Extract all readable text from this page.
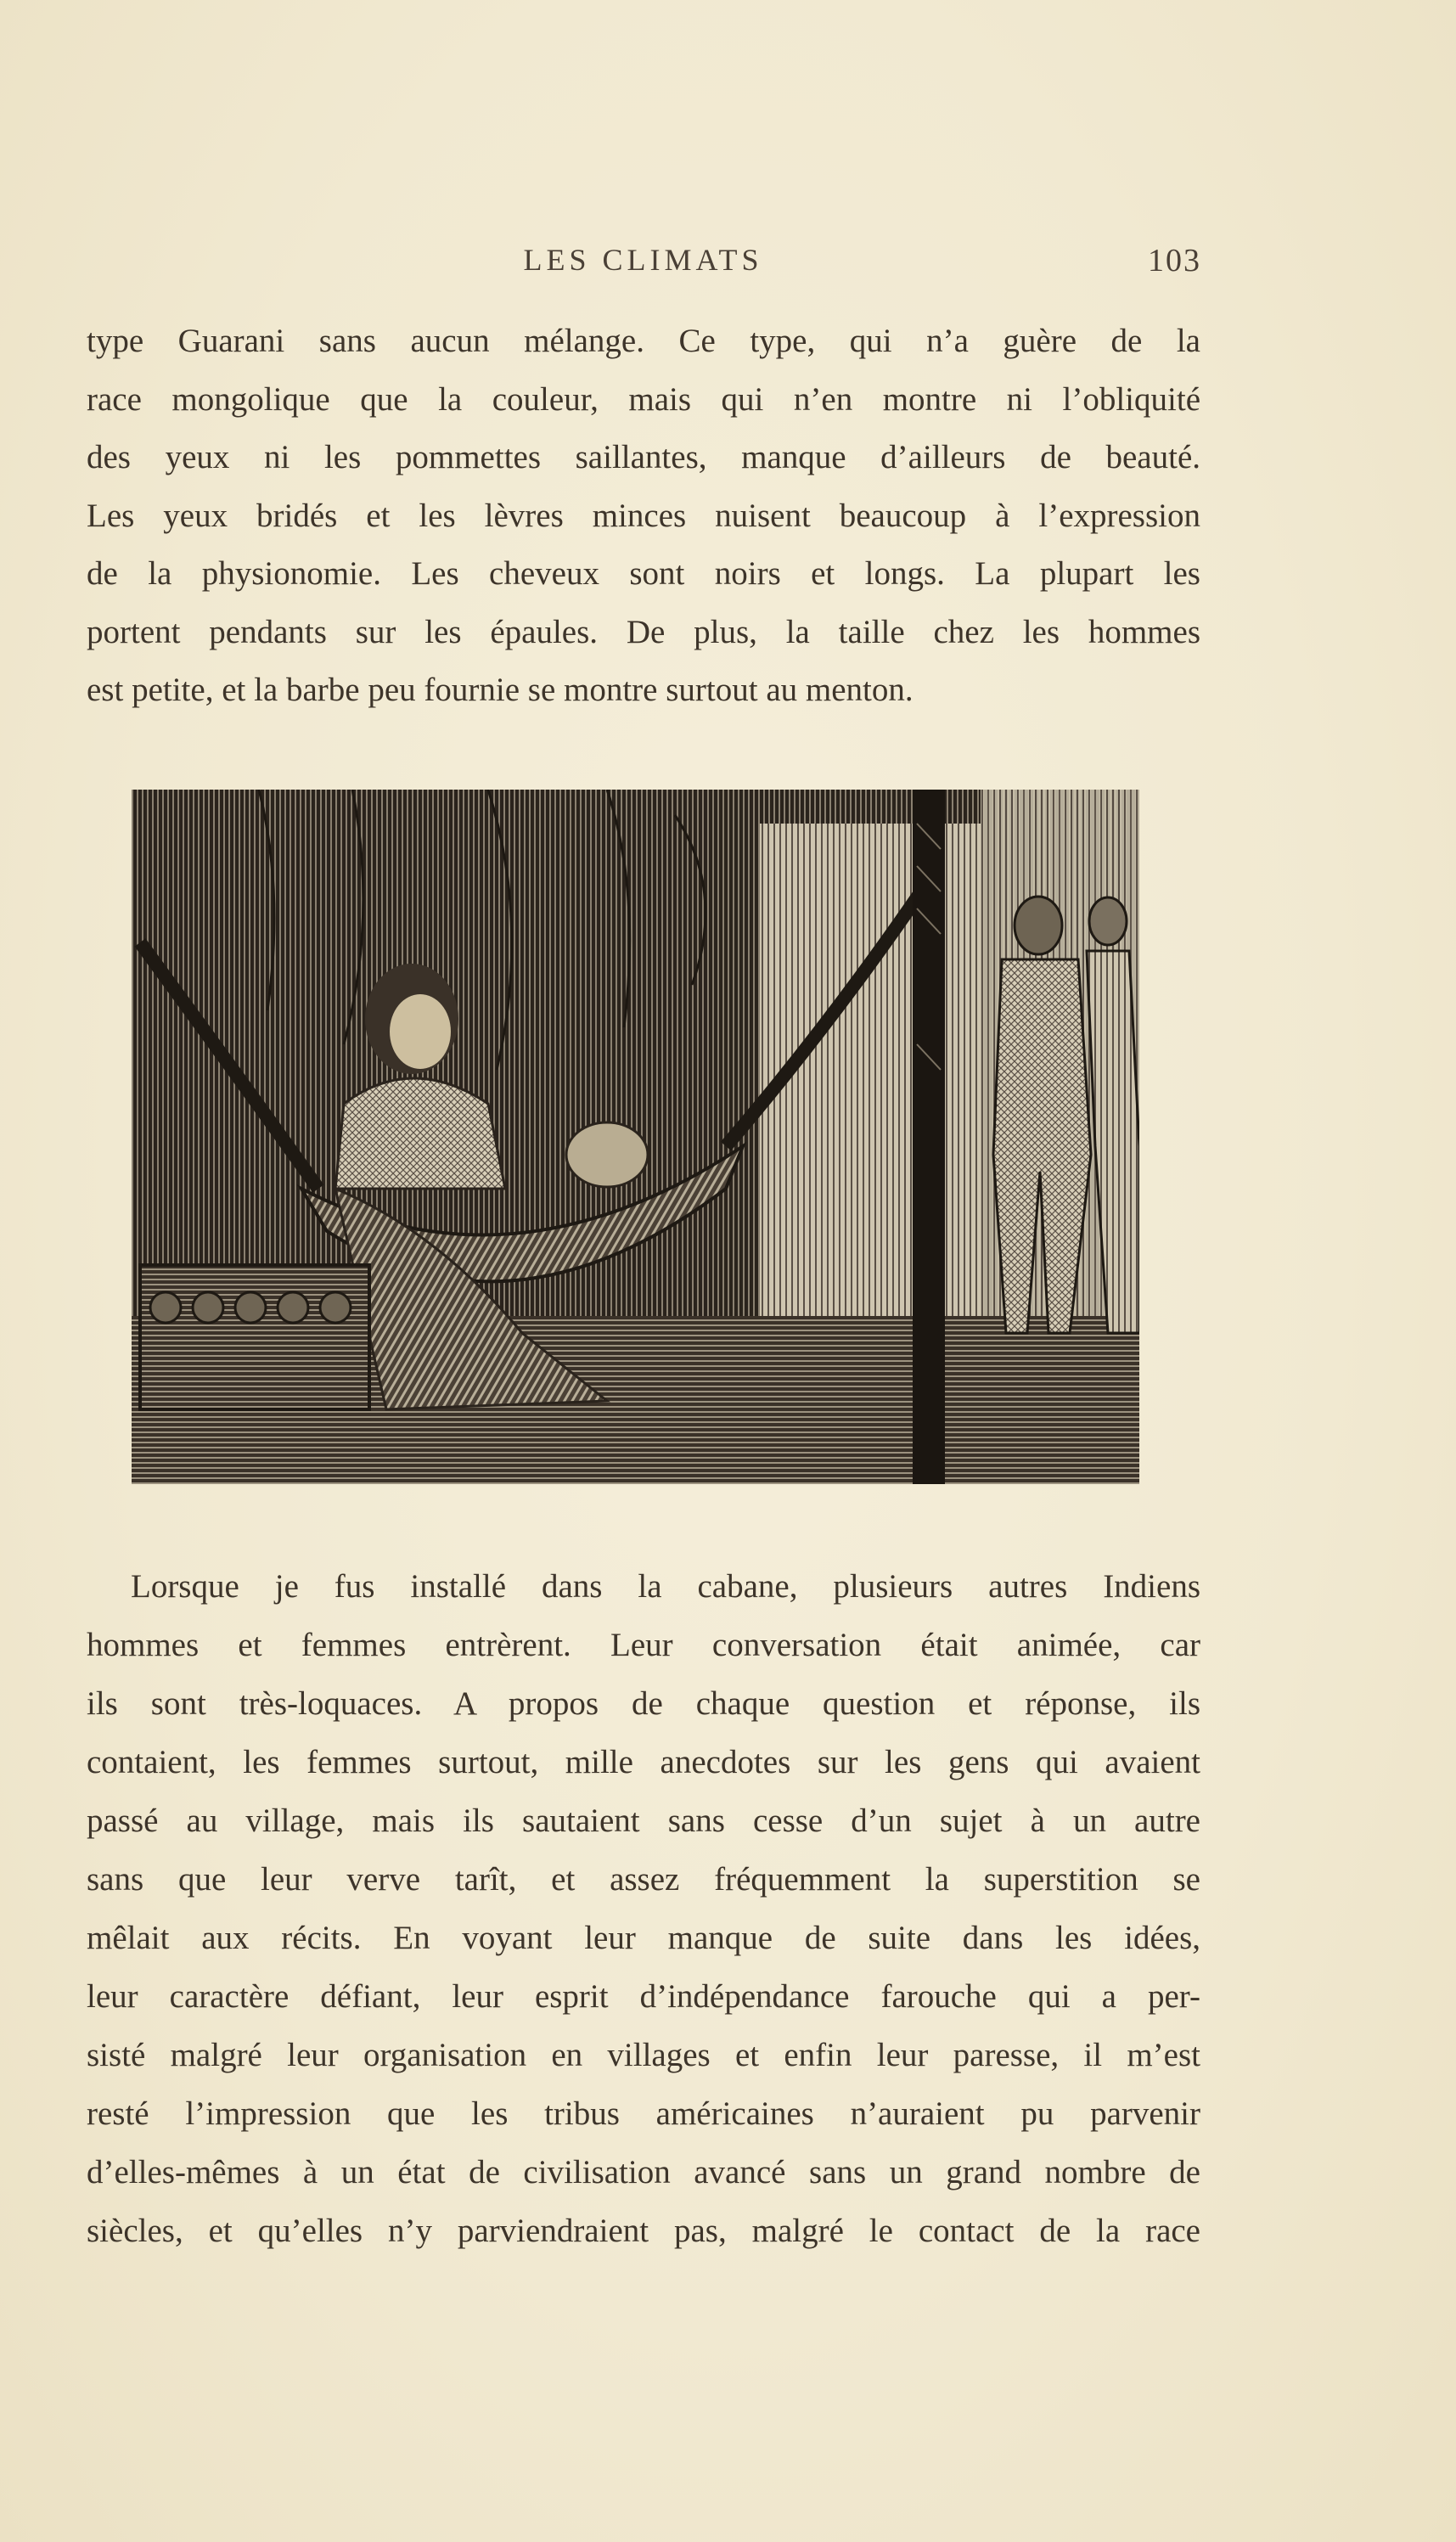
LES CLIMATS	103
type Guarani sans aucun mélange. Ce type, qui n’a guère de la
race mongolique que la couleur, mais qui n’en montre ni l’obliquité
des yeux ni les pommettes saillantes, manque d’ailleurs de beauté.
Les yeux bridés et les lèvres minces nuisent beaucoup à l’expression
de la physionomie. Les cheveux sont noirs et longs. La plupart les
portent pendants sur les épaules. De plus, la taille chez les hommes
est petite, et la barbe peu fournie se montre surtout au menton.
Lorsque je fus installé dans la cabane, plusieurs autres Indiens
hommes et femmes entrèrent. Leur conversation était animée, car
ils sont très-loquaces. A propos de chaque question et réponse, ils
contaient, les femmes surtout, mille anecdotes sur les gens qui avaient
passé au village, mais ils sautaient sans cesse d’un sujet à un autre
sans que leur verve tarît, et assez fréquemment la superstition se
mêlait aux récits. En voyant leur manque de suite dans les idées,
leur caractère défiant, leur esprit d’indépendance farouche qui a per-
sisté malgré leur organisation en villages et enfin leur paresse, il m’est
resté l’impression que les tribus américaines n’auraient pu parvenir
d’elles-mêmes à un état de civilisation avancé sans un grand nombre de
siècles, et qu’elles n’y parviendraient pas, malgré le contact de la race
